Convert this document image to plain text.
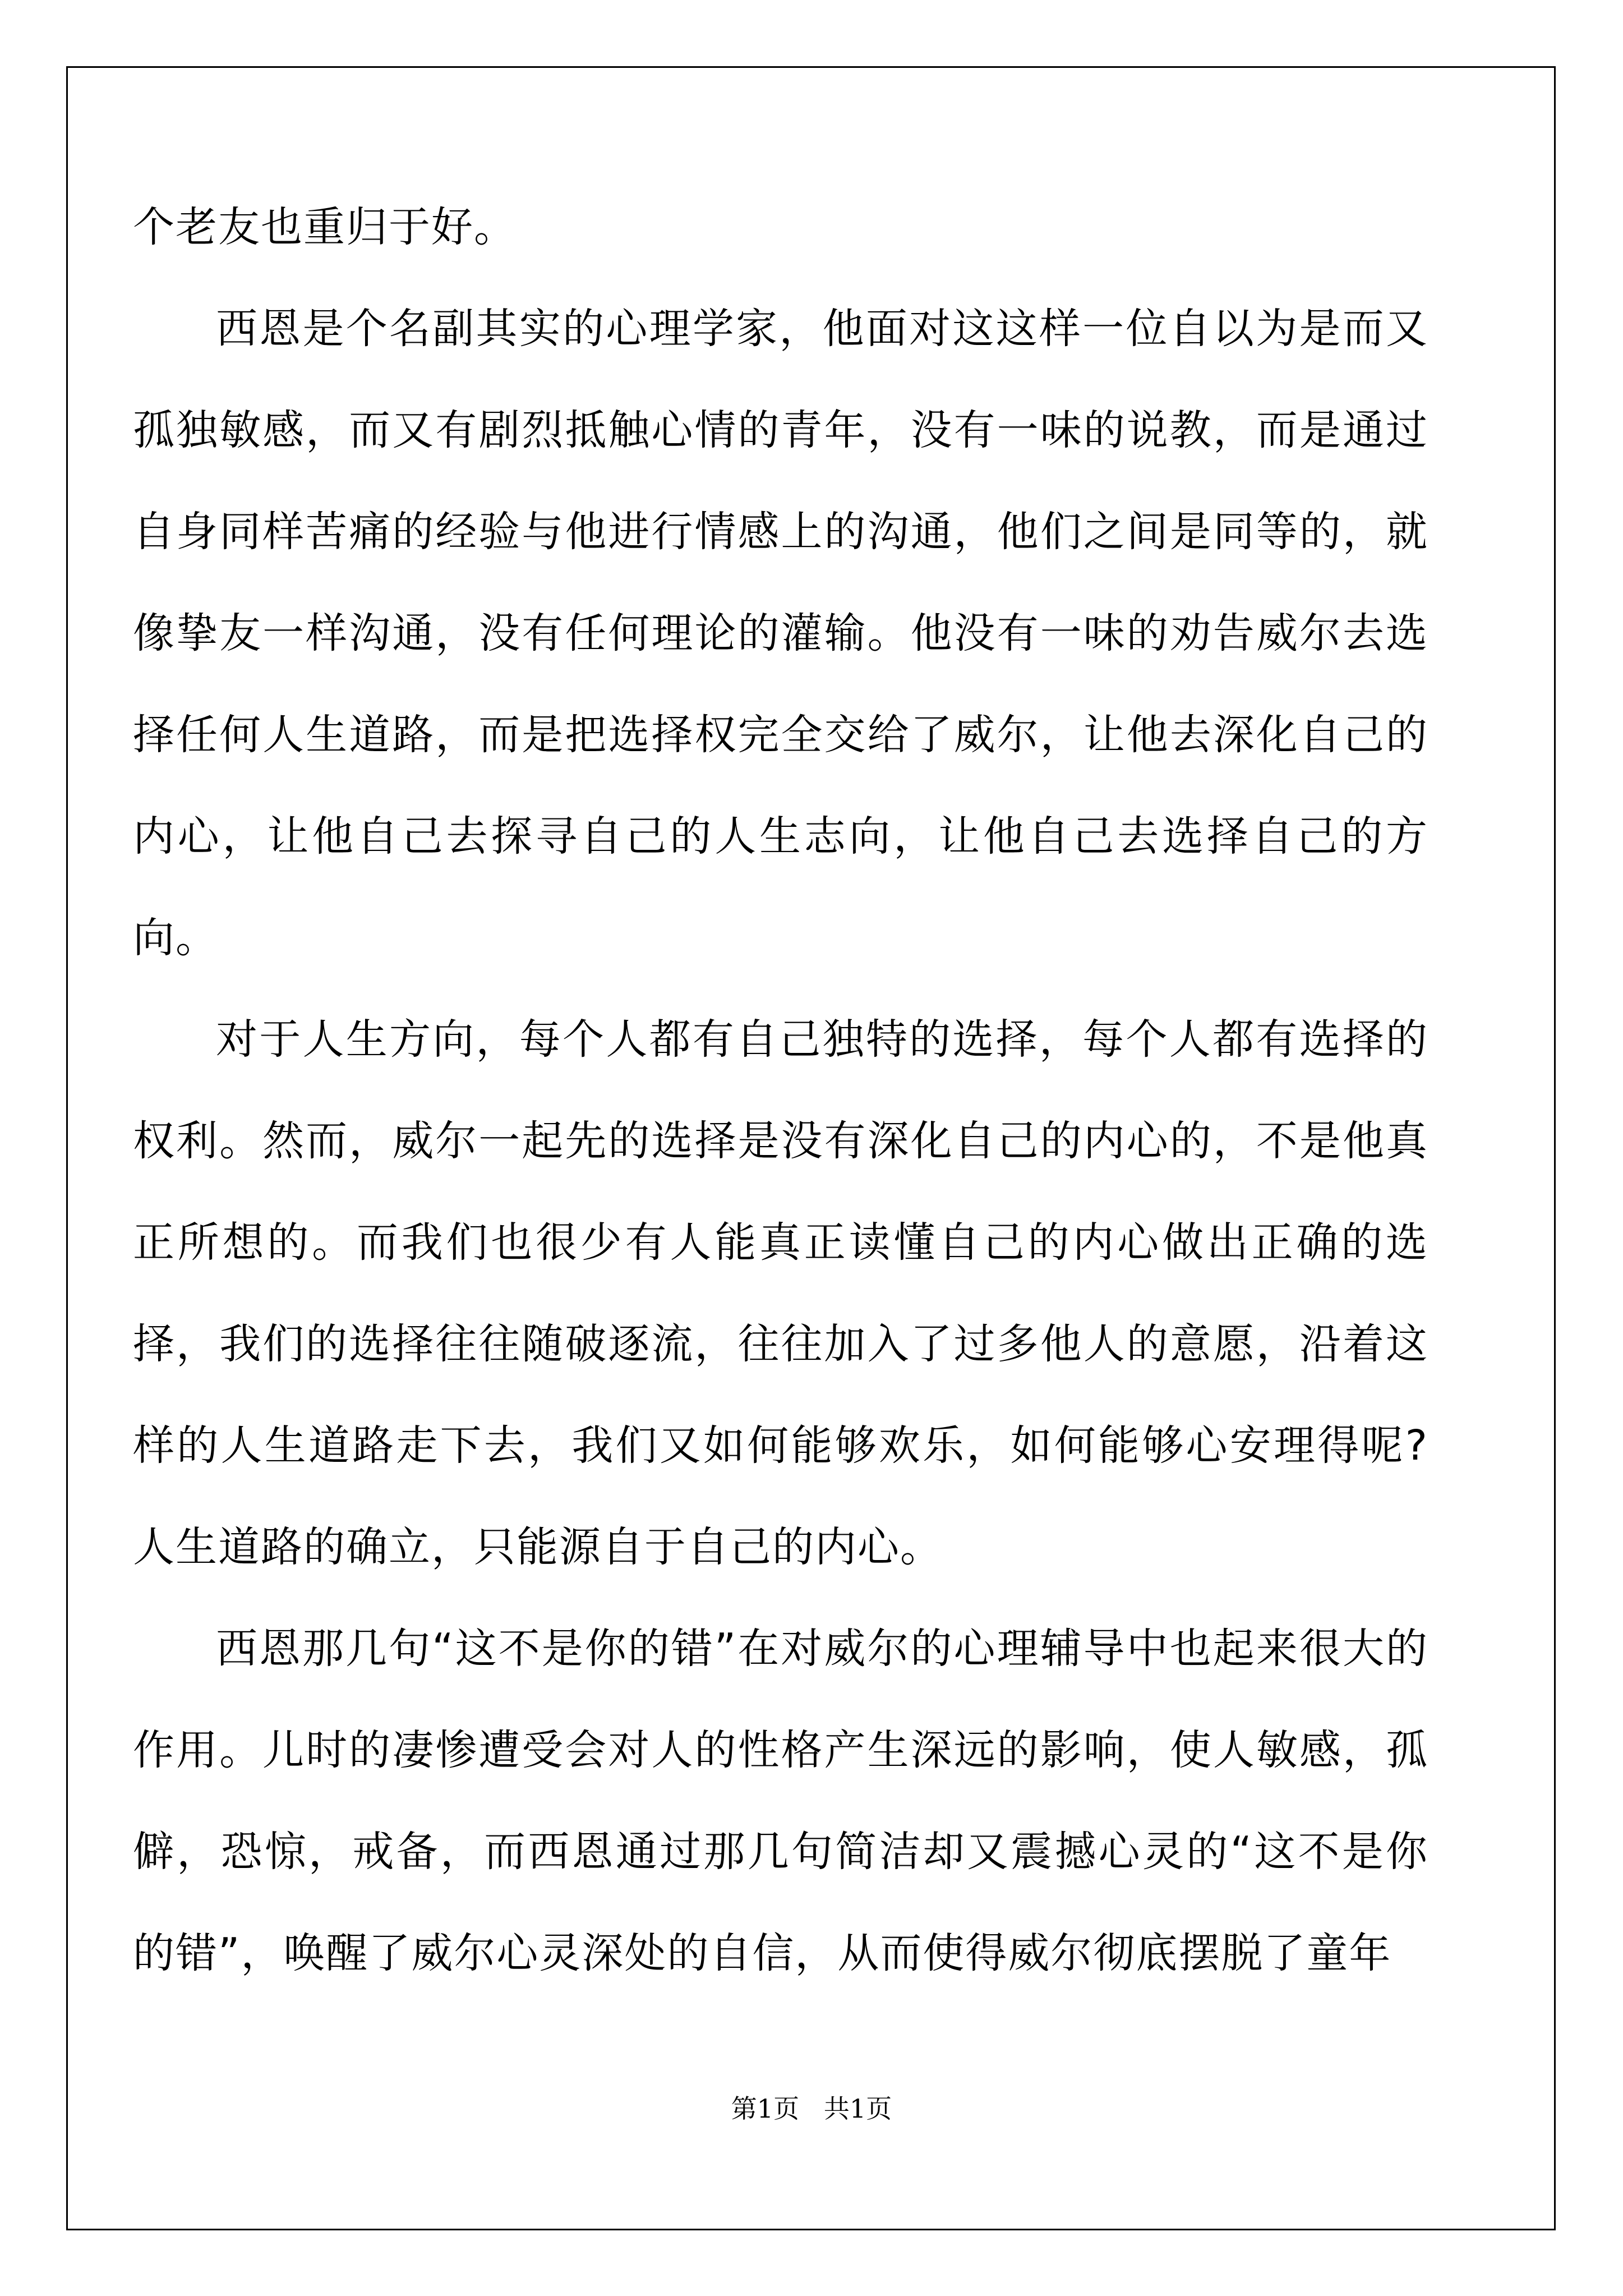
个老友也重归于好。

西恩是个名副其实的心理学家，他面对这这样一位自以为是而又孤独敏感，而又有剧烈抵触心情的青年，没有一味的说教，而是通过自身同样苦痛的经验与他进行情感上的沟通，他们之间是同等的，就像挚友一样沟通，没有任何理论的灌输。他没有一味的劝告威尔去选择任何人生道路，而是把选择权完全交给了威尔，让他去深化自己的内心，让他自己去探寻自己的人生志向，让他自己去选择自己的方向。

对于人生方向，每个人都有自己独特的选择，每个人都有选择的权利。然而，威尔一起先的选择是没有深化自己的内心的，不是他真正所想的。而我们也很少有人能真正读懂自己的内心做出正确的选择，我们的选择往往随破逐流，往往加入了过多他人的意愿，沿着这样的人生道路走下去，我们又如何能够欢乐，如何能够心安理得呢?人生道路的确立，只能源自于自己的内心。

西恩那几句“这不是你的错”在对威尔的心理辅导中也起来很大的作用。儿时的凄惨遭受会对人的性格产生深远的影响，使人敏感，孤僻，恐惊，戒备，而西恩通过那几句简洁却又震撼心灵的“这不是你的错”，唤醒了威尔心灵深处的自信，从而使得威尔彻底摆脱了童年

第1页   共1页
